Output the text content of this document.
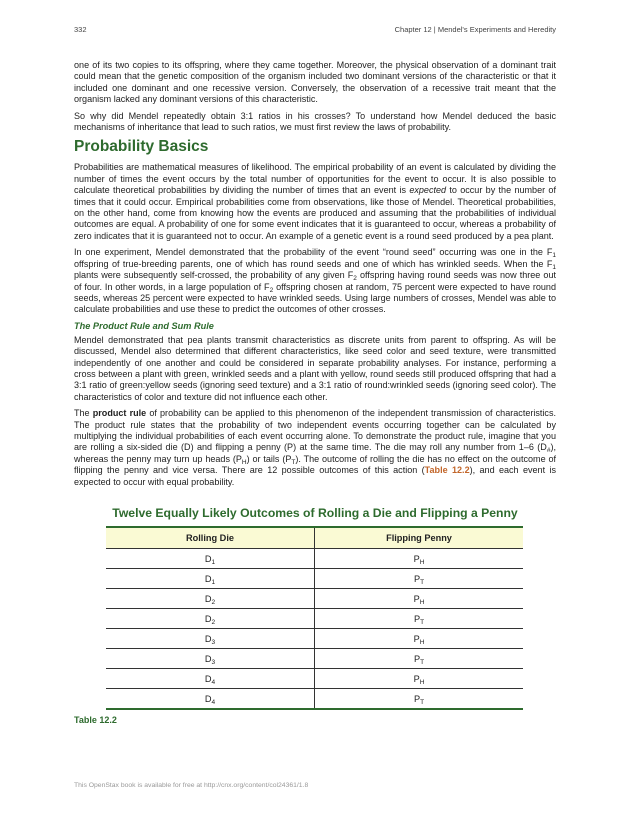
332	Chapter 12 | Mendel's Experiments and Heredity

one of its two copies to its offspring, where they came together. Moreover, the physical observation of a dominant trait could mean that the genetic composition of the organism included two dominant versions of the characteristic or that it included one dominant and one recessive version. Conversely, the observation of a recessive trait meant that the organism lacked any dominant versions of this characteristic.

So why did Mendel repeatedly obtain 3:1 ratios in his crosses? To understand how Mendel deduced the basic mechanisms of inheritance that lead to such ratios, we must first review the laws of probability.

Probability Basics

Probabilities are mathematical measures of likelihood. The empirical probability of an event is calculated by dividing the number of times the event occurs by the total number of opportunities for the event to occur. It is also possible to calculate theoretical probabilities by dividing the number of times that an event is expected to occur by the number of times that it could occur. Empirical probabilities come from observations, like those of Mendel. Theoretical probabilities, on the other hand, come from knowing how the events are produced and assuming that the probabilities of individual outcomes are equal. A probability of one for some event indicates that it is guaranteed to occur, whereas a probability of zero indicates that it is guaranteed not to occur. An example of a genetic event is a round seed produced by a pea plant.

In one experiment, Mendel demonstrated that the probability of the event “round seed” occurring was one in the $F_1$ offspring of true-breeding parents, one of which has round seeds and one of which has wrinkled seeds. When the $F_1$ plants were subsequently self-crossed, the probability of any given $F_2$ offspring having round seeds was now three out of four. In other words, in a large population of $F_2$ offspring chosen at random, 75 percent were expected to have round seeds, whereas 25 percent were expected to have wrinkled seeds. Using large numbers of crosses, Mendel was able to calculate probabilities and use these to predict the outcomes of other crosses.

The Product Rule and Sum Rule

Mendel demonstrated that pea plants transmit characteristics as discrete units from parent to offspring. As will be discussed, Mendel also determined that different characteristics, like seed color and seed texture, were transmitted independently of one another and could be considered in separate probability analyses. For instance, performing a cross between a plant with green, wrinkled seeds and a plant with yellow, round seeds still produced offspring that had a 3:1 ratio of green:yellow seeds (ignoring seed texture) and a 3:1 ratio of round:wrinkled seeds (ignoring seed color). The characteristics of color and texture did not influence each other.

The product rule of probability can be applied to this phenomenon of the independent transmission of characteristics. The product rule states that the probability of two independent events occurring together can be calculated by multiplying the individual probabilities of each event occurring alone. To demonstrate the product rule, imagine that you are rolling a six-sided die (D) and flipping a penny (P) at the same time. The die may roll any number from 1–6 $(D_{\#})$, whereas the penny may turn up heads $(P_H)$ or tails $(P_T)$. The outcome of rolling the die has no effect on the outcome of flipping the penny and vice versa. There are 12 possible outcomes of this action (Table 12.2), and each event is expected to occur with equal probability.

Twelve Equally Likely Outcomes of Rolling a Die and Flipping a Penny
Rolling Die	Flipping Penny
$D_1$	$P_H$
$D_1$	$P_T$
$D_2$	$P_H$
$D_2$	$P_T$
$D_3$	$P_H$
$D_3$	$P_T$
$D_4$	$P_H$
$D_4$	$P_T$
Table 12.2
This OpenStax book is available for free at http://cnx.org/content/col24361/1.8
